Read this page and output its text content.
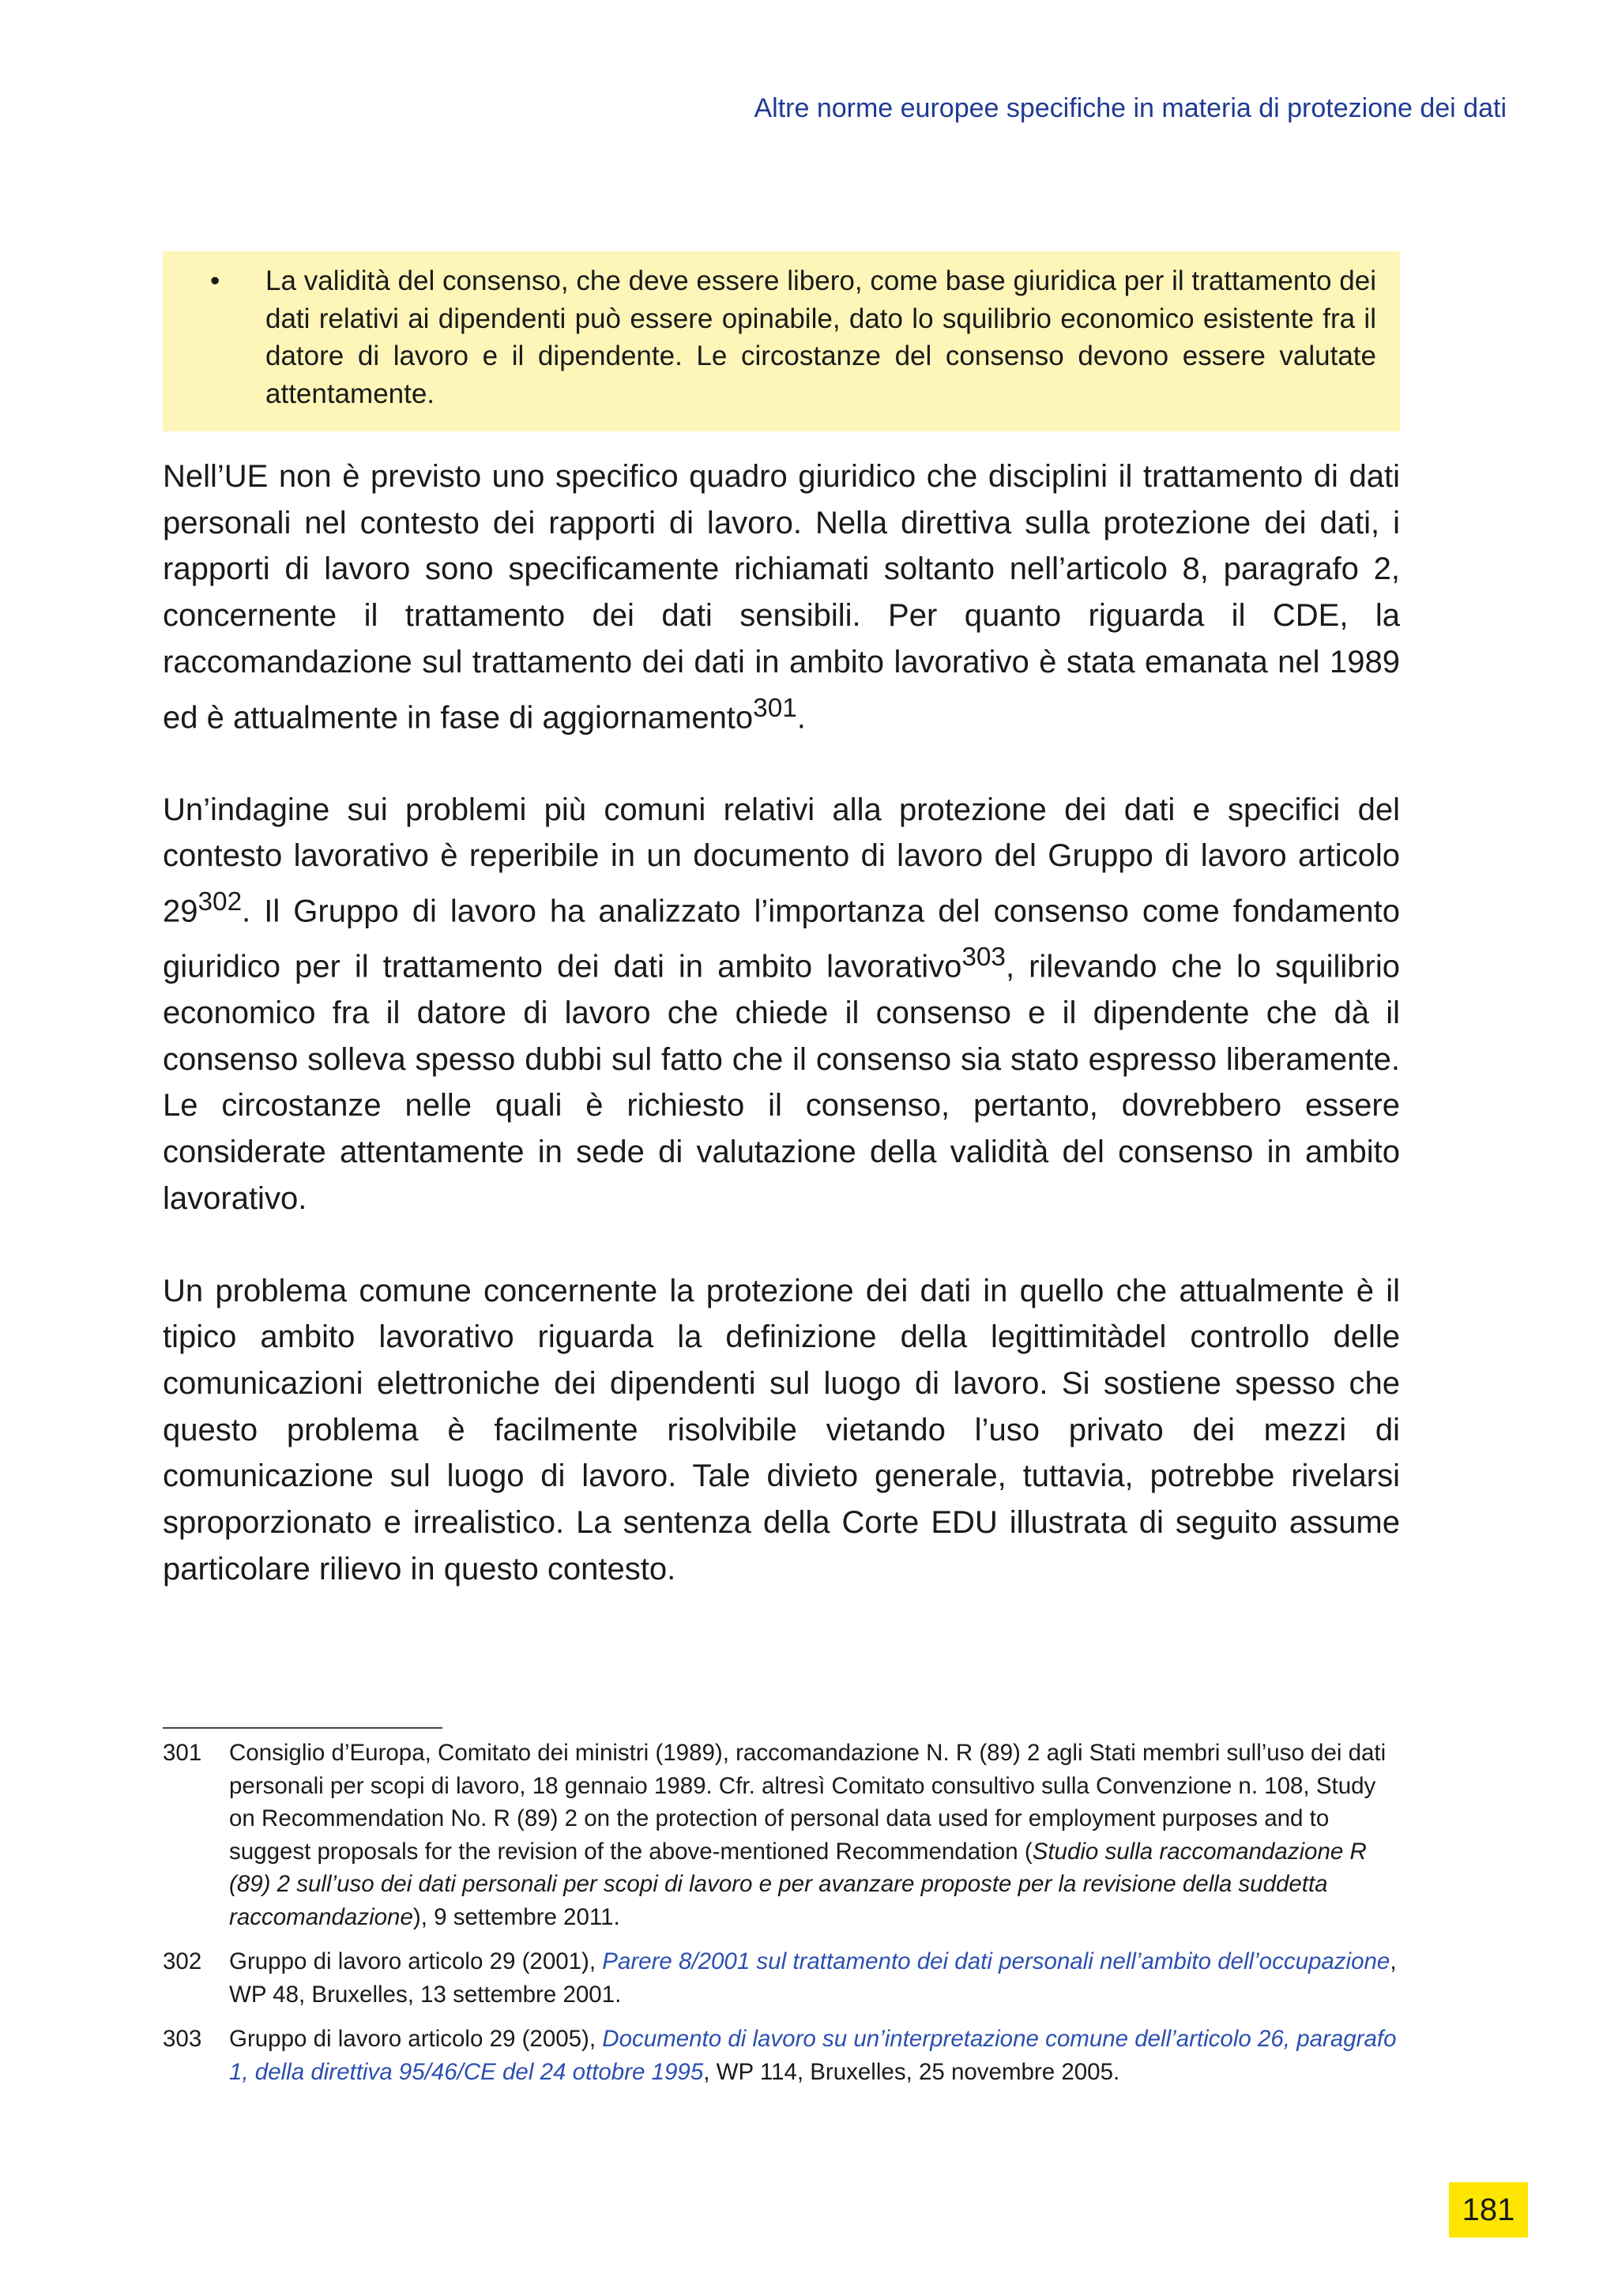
Altre norme europee specifiche in materia di protezione dei dati
•	La validità del consenso, che deve essere libero, come base giuridica per il trattamento dei dati relativi ai dipendenti può essere opinabile, dato lo squilibrio economico esistente fra il datore di lavoro e il dipendente. Le circostanze del consenso devono essere valutate attentamente.

Nell’UE non è previsto uno specifico quadro giuridico che disciplini il trattamento di dati personali nel contesto dei rapporti di lavoro. Nella direttiva sulla protezione dei dati, i rapporti di lavoro sono specificamente richiamati soltanto nell’articolo 8, paragrafo 2, concernente il trattamento dei dati sensibili. Per quanto riguarda il CDE, la raccomandazione sul trattamento dei dati in ambito lavorativo è stata emanata nel 1989 ed è attualmente in fase di aggiornamento$^{301}$.

Un’indagine sui problemi più comuni relativi alla protezione dei dati e specifici del contesto lavorativo è reperibile in un documento di lavoro del Gruppo di lavoro articolo $29^{302}$. Il Gruppo di lavoro ha analizzato l’importanza del consenso come fondamento giuridico per il trattamento dei dati in ambito lavorativo$^{303}$, rilevando che lo squilibrio economico fra il datore di lavoro che chiede il consenso e il dipendente che dà il consenso solleva spesso dubbi sul fatto che il consenso sia stato espresso liberamente. Le circostanze nelle quali è richiesto il consenso, pertanto, dovrebbero essere considerate attentamente in sede di valutazione della validità del consenso in ambito lavorativo.

Un problema comune concernente la protezione dei dati in quello che attualmente è il tipico ambito lavorativo riguarda la definizione della legittimitàdel controllo delle comunicazioni elettroniche dei dipendenti sul luogo di lavoro. Si sostiene spesso che questo problema è facilmente risolvibile vietando l’uso privato dei mezzi di comunicazione sul luogo di lavoro. Tale divieto generale, tuttavia, potrebbe rivelarsi sproporzionato e irrealistico. La sentenza della Corte EDU illustrata di seguito assume particolare rilievo in questo contesto.

301	Consiglio d’Europa, Comitato dei ministri (1989), raccomandazione N. R (89) 2 agli Stati membri sull’uso dei dati personali per scopi di lavoro, 18 gennaio 1989. Cfr. altresì Comitato consultivo sulla Convenzione n. 108, Study on Recommendation No. R (89) 2 on the protection of personal data used for employment purposes and to suggest proposals for the revision of the above-mentioned Recommendation (Studio sulla raccomandazione R (89) 2 sull’uso dei dati personali per scopi di lavoro e per avanzare proposte per la revisione della suddetta raccomandazione), 9 settembre 2011.
302	Gruppo di lavoro articolo 29 (2001), Parere 8/2001 sul trattamento dei dati personali nell’ambito dell’occupazione, WP 48, Bruxelles, 13 settembre 2001.
303	Gruppo di lavoro articolo 29 (2005), Documento di lavoro su un’interpretazione comune dell’articolo 26, paragrafo 1, della direttiva 95/46/CE del 24 ottobre 1995, WP 114, Bruxelles, 25 novembre 2005.
181
